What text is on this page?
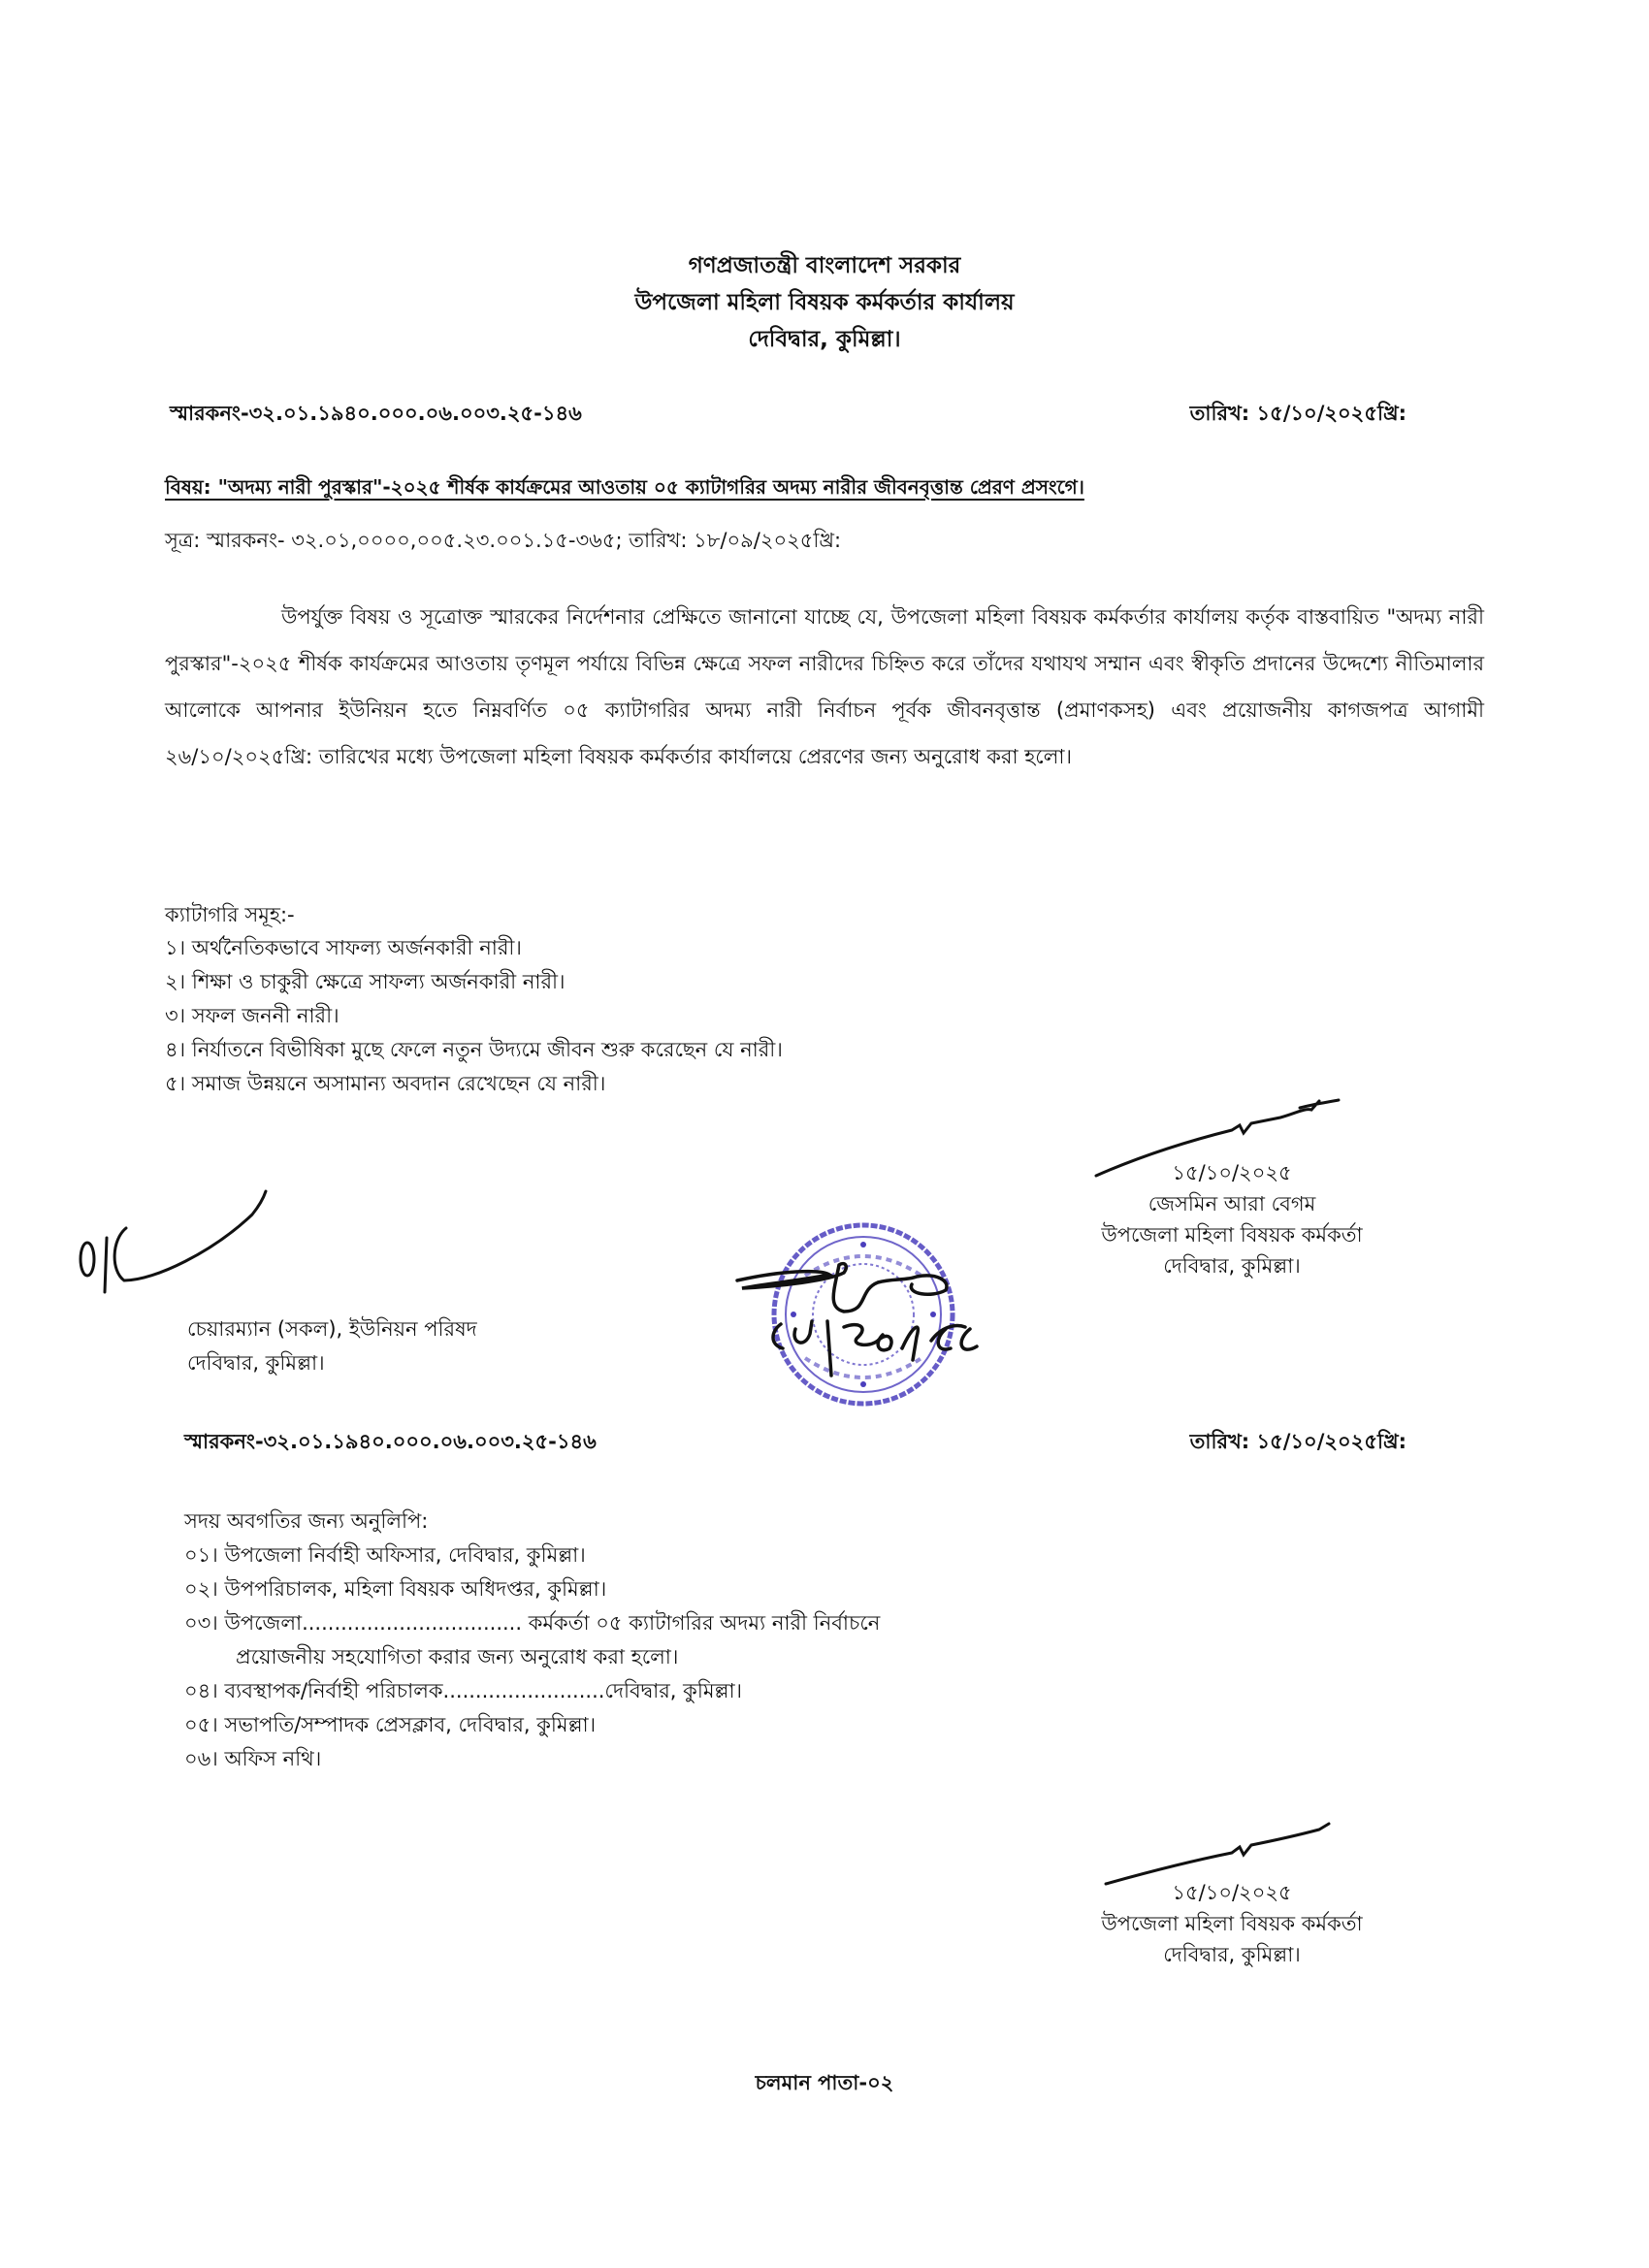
গণপ্রজাতন্ত্রী বাংলাদেশ সরকার
উপজেলা মহিলা বিষয়ক কর্মকর্তার কার্যালয়
দেবিদ্বার, কুমিল্লা।
স্মারকনং-৩২.০১.১৯৪০.০০০.০৬.০০৩.২৫-১৪৬	তারিখ: ১৫/১০/২০২৫খ্রি:
বিষয়: "অদম্য নারী পুরস্কার"-২০২৫ শীর্ষক কার্যক্রমের আওতায় ০৫ ক্যাটাগরির অদম্য নারীর জীবনবৃত্তান্ত প্রেরণ প্রসংগে।
সূত্র: স্মারকনং- ৩২.০১,০০০০,০০৫.২৩.০০১.১৫-৩৬৫; তারিখ: ১৮/০৯/২০২৫খ্রি:
উপর্যুক্ত বিষয় ও সূত্রোক্ত স্মারকের নির্দেশনার প্রেক্ষিতে জানানো যাচ্ছে যে, উপজেলা মহিলা বিষয়ক কর্মকর্তার কার্যালয় কর্তৃক বাস্তবায়িত "অদম্য নারী পুরস্কার"-২০২৫ শীর্ষক কার্যক্রমের আওতায় তৃণমূল পর্যায়ে বিভিন্ন ক্ষেত্রে সফল নারীদের চিহ্নিত করে তাঁদের যথাযথ সম্মান এবং স্বীকৃতি প্রদানের উদ্দেশ্যে নীতিমালার আলোকে আপনার ইউনিয়ন হতে নিম্নবর্ণিত ০৫ ক্যাটাগরির অদম্য নারী নির্বাচন পূর্বক জীবনবৃত্তান্ত (প্রমাণকসহ) এবং প্রয়োজনীয় কাগজপত্র আগামী ২৬/১০/২০২৫খ্রি: তারিখের মধ্যে উপজেলা মহিলা বিষয়ক কর্মকর্তার কার্যালয়ে প্রেরণের জন্য অনুরোধ করা হলো।
ক্যাটাগরি সমূহ:-
১। অর্থনৈতিকভাবে সাফল্য অর্জনকারী নারী।
২। শিক্ষা ও চাকুরী ক্ষেত্রে সাফল্য অর্জনকারী নারী।
৩। সফল জননী নারী।
৪। নির্যাতনে বিভীষিকা মুছে ফেলে নতুন উদ্যমে জীবন শুরু করেছেন যে নারী।
৫। সমাজ উন্নয়নে অসামান্য অবদান রেখেছেন যে নারী।
১৫/১০/২০২৫
জেসমিন আরা বেগম
উপজেলা মহিলা বিষয়ক কর্মকর্তা
দেবিদ্বার, কুমিল্লা।
চেয়ারম্যান (সকল), ইউনিয়ন পরিষদ
দেবিদ্বার, কুমিল্লা।
স্মারকনং-৩২.০১.১৯৪০.০০০.০৬.০০৩.২৫-১৪৬	তারিখ: ১৫/১০/২০২৫খ্রি:
সদয় অবগতির জন্য অনুলিপি:
০১। উপজেলা নির্বাহী অফিসার, দেবিদ্বার, কুমিল্লা।
০২। উপপরিচালক, মহিলা বিষয়ক অধিদপ্তর, কুমিল্লা।
০৩। উপজেলা.................................. কর্মকর্তা ০৫ ক্যাটাগরির অদম্য নারী নির্বাচনে
প্রয়োজনীয় সহযোগিতা করার জন্য অনুরোধ করা হলো।
০৪। ব্যবস্থাপক/নির্বাহী পরিচালক.........................দেবিদ্বার, কুমিল্লা।
০৫। সভাপতি/সম্পাদক প্রেসক্লাব, দেবিদ্বার, কুমিল্লা।
০৬। অফিস নথি।
১৫/১০/২০২৫
উপজেলা মহিলা বিষয়ক কর্মকর্তা
দেবিদ্বার, কুমিল্লা।
চলমান পাতা-০২
